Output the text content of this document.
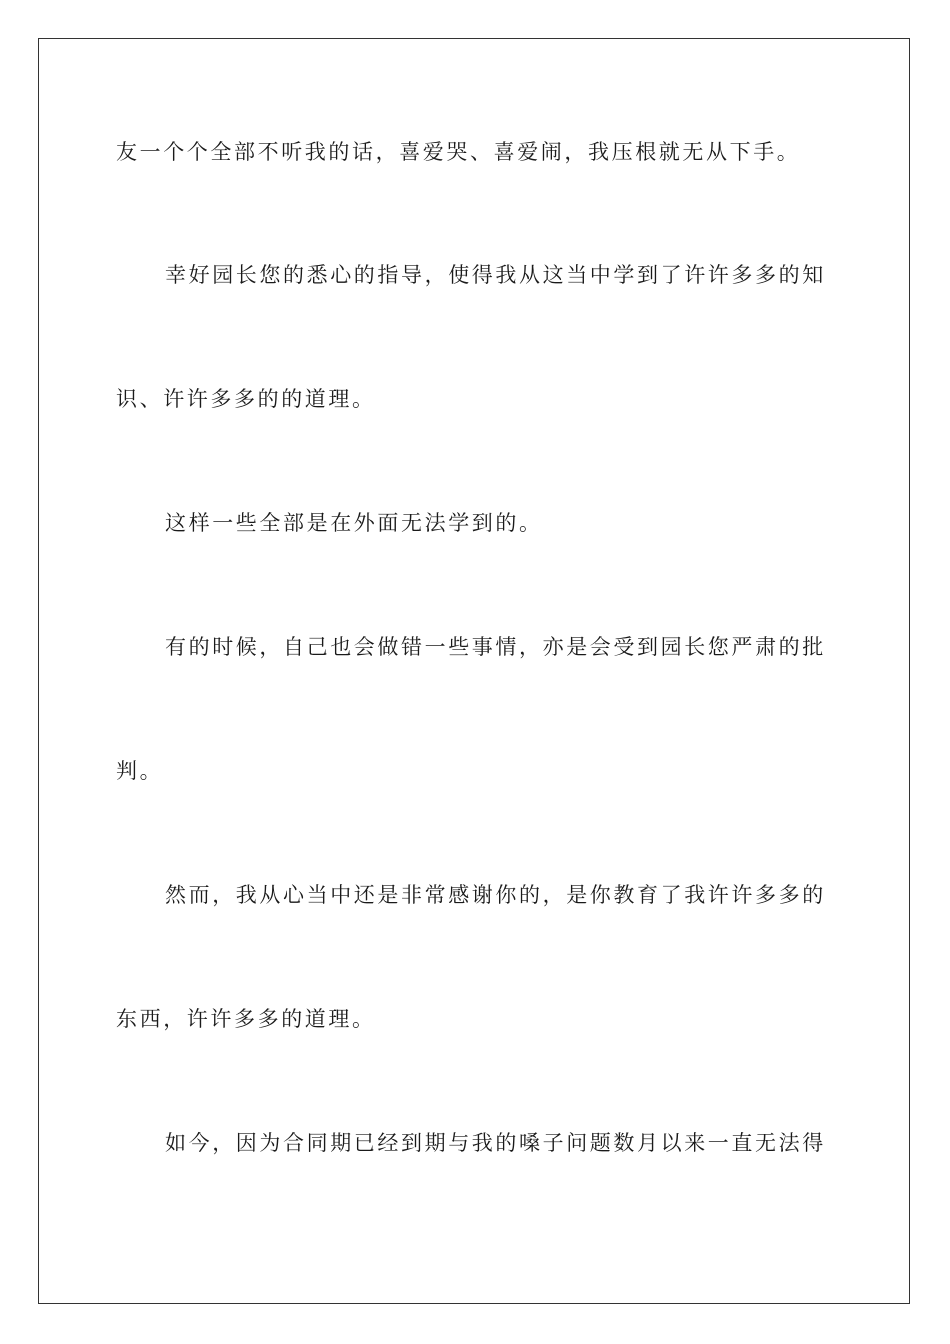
友一个个全部不听我的话，喜爱哭、喜爱闹，我压根就无从下手。
幸好园长您的悉心的指导，使得我从这当中学到了许许多多的知
识、许许多多的的道理。
这样一些全部是在外面无法学到的。
有的时候，自己也会做错一些事情，亦是会受到园长您严肃的批
判。
然而，我从心当中还是非常感谢你的，是你教育了我许许多多的
东西，许许多多的道理。
如今，因为合同期已经到期与我的嗓子问题数月以来一直无法得
